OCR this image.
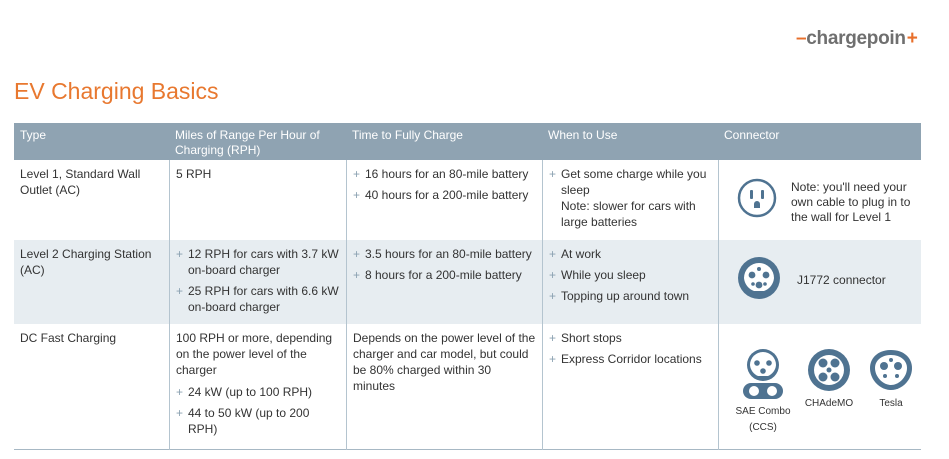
–chargepoin+
EV Charging Basics
Type	Miles of Range Per Hour of Charging (RPH)
Time to Fully Charge	When to Use	Connector
Level 1, Standard Wall Outlet (AC)
5 RPH
+	16 hours for an 80-mile battery
+ 40 hours for a 200-mile battery
+ Get some charge while you sleep
Note: slower for cars with large batteries
Note: you'll need your own cable to plug in to the wall for Level 1
Level 2 Charging Station (AC)
+ 12 RPH for cars with 3.7 kW on-board charger
+ 25 RPH for cars with 6.6 kW on-board charger
+ 3.5 hours for an 80-mile battery
+ 8 hours for a 200-mile battery
+ At work
+ While you sleep
+ Topping up around town
J1772 connector
DC Fast Charging	100 RPH or more, depending on the power level of the charger
+ 24 kW (up to 100 RPH)
+ 44 to 50 kW (up to 200 RPH)
Depends on the power level of the charger and car model, but could be 80% charged within 30 minutes
+ Short stops
+ Express Corridor locations
SAE Combo (CCS)
CHAdeMO	Tesla
